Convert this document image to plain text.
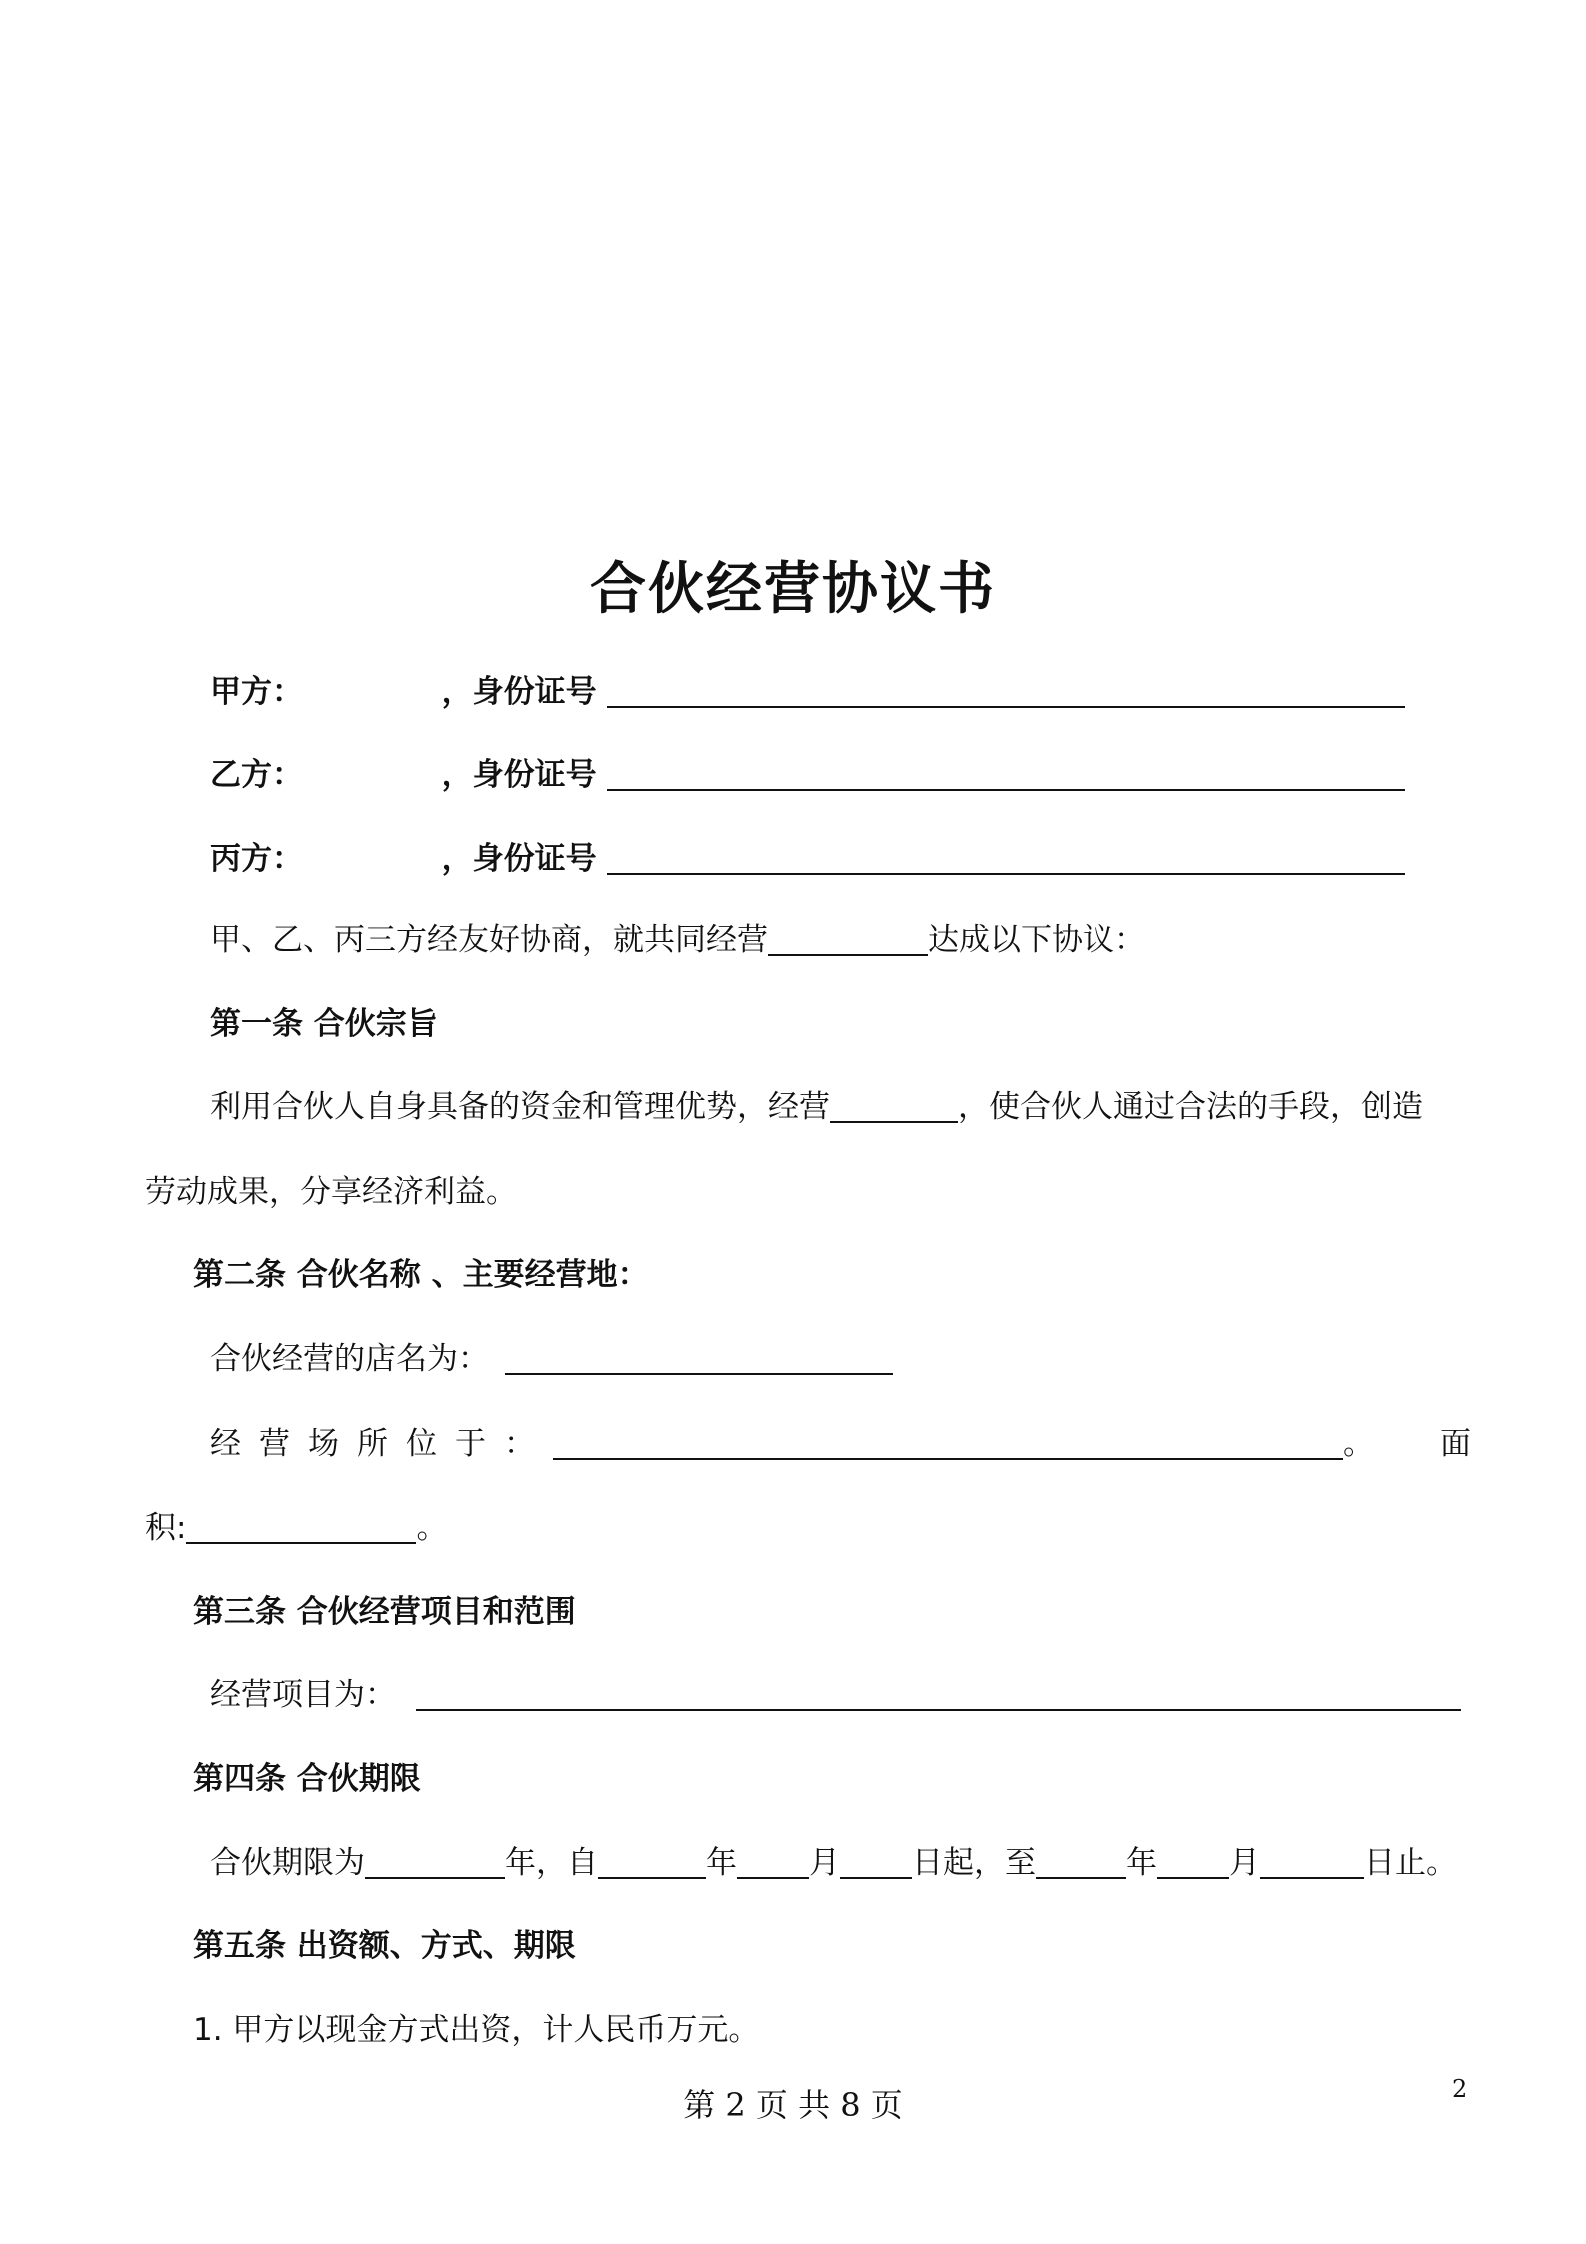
合伙经营协议书
甲方：	，身份证号
乙方：	，身份证号
丙方：	，身份证号
甲、乙、丙三方经友好协商，就共同经营	达成以下协议：
第一条 合伙宗旨
利用合伙人自身具备的资金和管理优势，经营	，使合伙人通过合法的手段，创造
劳动成果，分享经济利益。
第二条 合伙名称 、主要经营地：
合伙经营的店名为：
经营场所位于：	。 面
积:	。
第三条 合伙经营项目和范围
经营项目为：
第四条 合伙期限
合伙期限为	年，自	年 月 日起，至	年 月	日止。
第五条 出资额、方式、期限
1. 甲方以现金方式出资，计人民币万元。
第 2 页 共 8 页	2
